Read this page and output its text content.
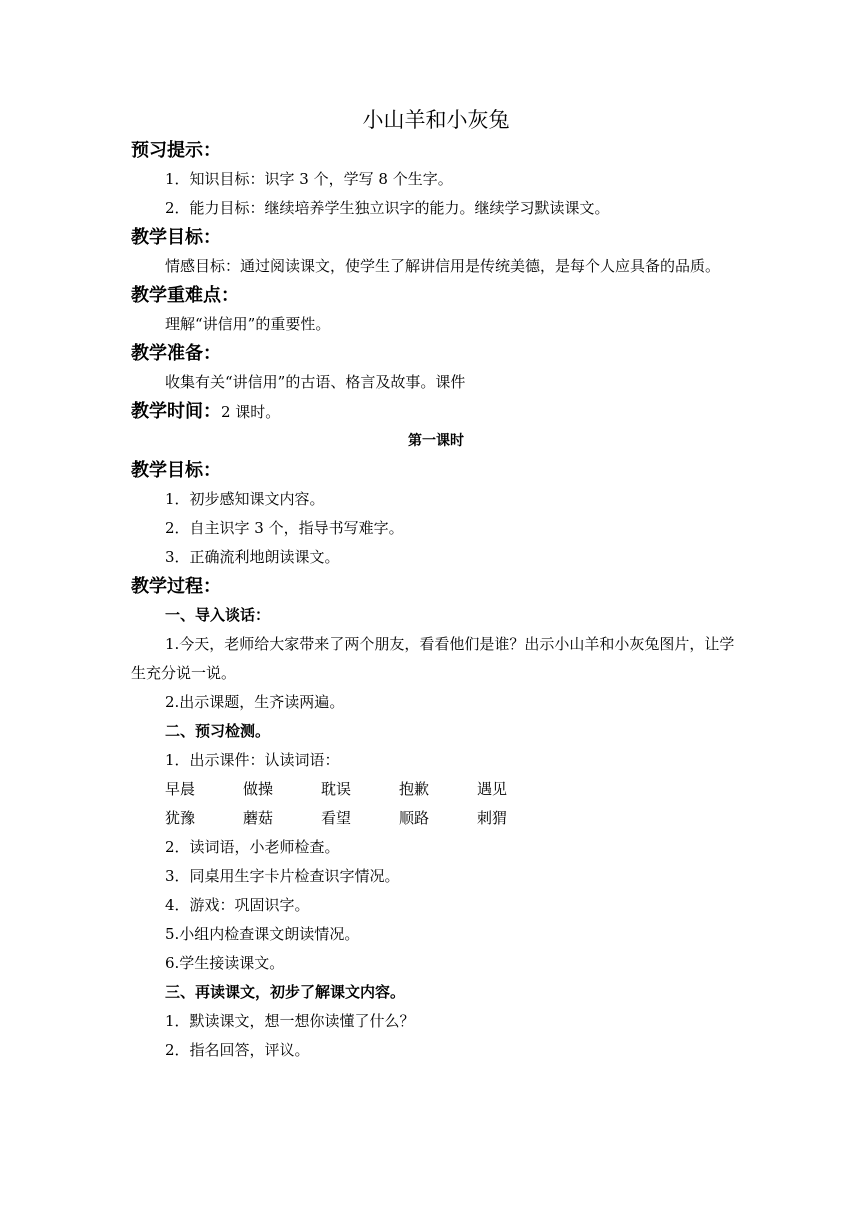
小山羊和小灰兔
预习提示：

1．知识目标：识字 3 个，学写 8 个生字。

2．能力目标：继续培养学生独立识字的能力。继续学习默读课文。

教学目标：

情感目标：通过阅读课文，使学生了解讲信用是传统美德，是每个人应具备的品质。

教学重难点：

理解“讲信用”的重要性。

教学准备：

收集有关“讲信用”的古语、格言及故事。课件

教学时间：2 课时。
第一课时
教学目标：

1．初步感知课文内容。

2．自主识字 3 个，指导书写难字。

3．正确流利地朗读课文。

教学过程：
一、导入谈话：

1.今天，老师给大家带来了两个朋友，看看他们是谁？出示小山羊和小灰兔图片，让学生充分说一说。

2.出示课题，生齐读两遍。

二、预习检测。

1．出示课件：认读词语：

早晨	做操	耽误	抱歉	遇见
犹豫	蘑菇	看望	顺路	刺猬

2．读词语，小老师检查。

3．同桌用生字卡片检查识字情况。

4．游戏：巩固识字。

5.小组内检查课文朗读情况。

6.学生接读课文。

三、再读课文，初步了解课文内容。

1．默读课文，想一想你读懂了什么？

2．指名回答，评议。
